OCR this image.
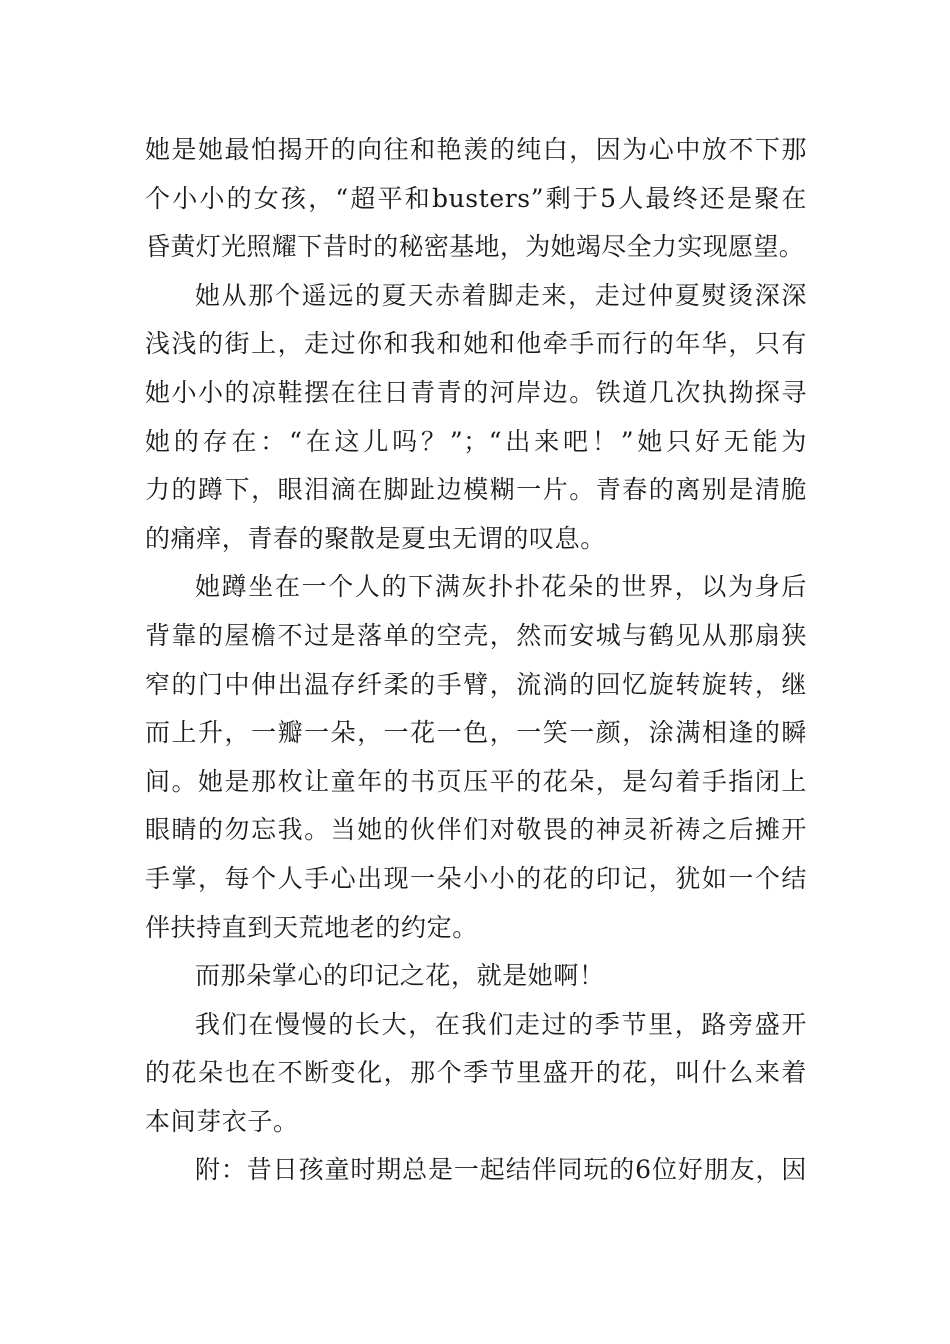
她是她最怕揭开的向往和艳羡的纯白，因为心中放不下那
个小小的女孩，“超平和busters”剩于5人最终还是聚在
昏黄灯光照耀下昔时的秘密基地，为她竭尽全力实现愿望。
她从那个遥远的夏天赤着脚走来，走过仲夏熨烫深深
浅浅的街上，走过你和我和她和他牵手而行的年华，只有
她小小的凉鞋摆在往日青青的河岸边。铁道几次执拗探寻
她的存在：“在这儿吗？”；“出来吧！”她只好无能为
力的蹲下，眼泪滴在脚趾边模糊一片。青春的离别是清脆
的痛痒，青春的聚散是夏虫无谓的叹息。
她蹲坐在一个人的下满灰扑扑花朵的世界，以为身后
背靠的屋檐不过是落单的空壳，然而安城与鹤见从那扇狭
窄的门中伸出温存纤柔的手臂，流淌的回忆旋转旋转，继
而上升，一瓣一朵，一花一色，一笑一颜，涂满相逢的瞬
间。她是那枚让童年的书页压平的花朵，是勾着手指闭上
眼睛的勿忘我。当她的伙伴们对敬畏的神灵祈祷之后摊开
手掌，每个人手心出现一朵小小的花的印记，犹如一个结
伴扶持直到天荒地老的约定。
而那朵掌心的印记之花，就是她啊！
我们在慢慢的长大，在我们走过的季节里，路旁盛开
的花朵也在不断变化，那个季节里盛开的花，叫什么来着
本间芽衣子。
附：昔日孩童时期总是一起结伴同玩的6位好朋友，因
